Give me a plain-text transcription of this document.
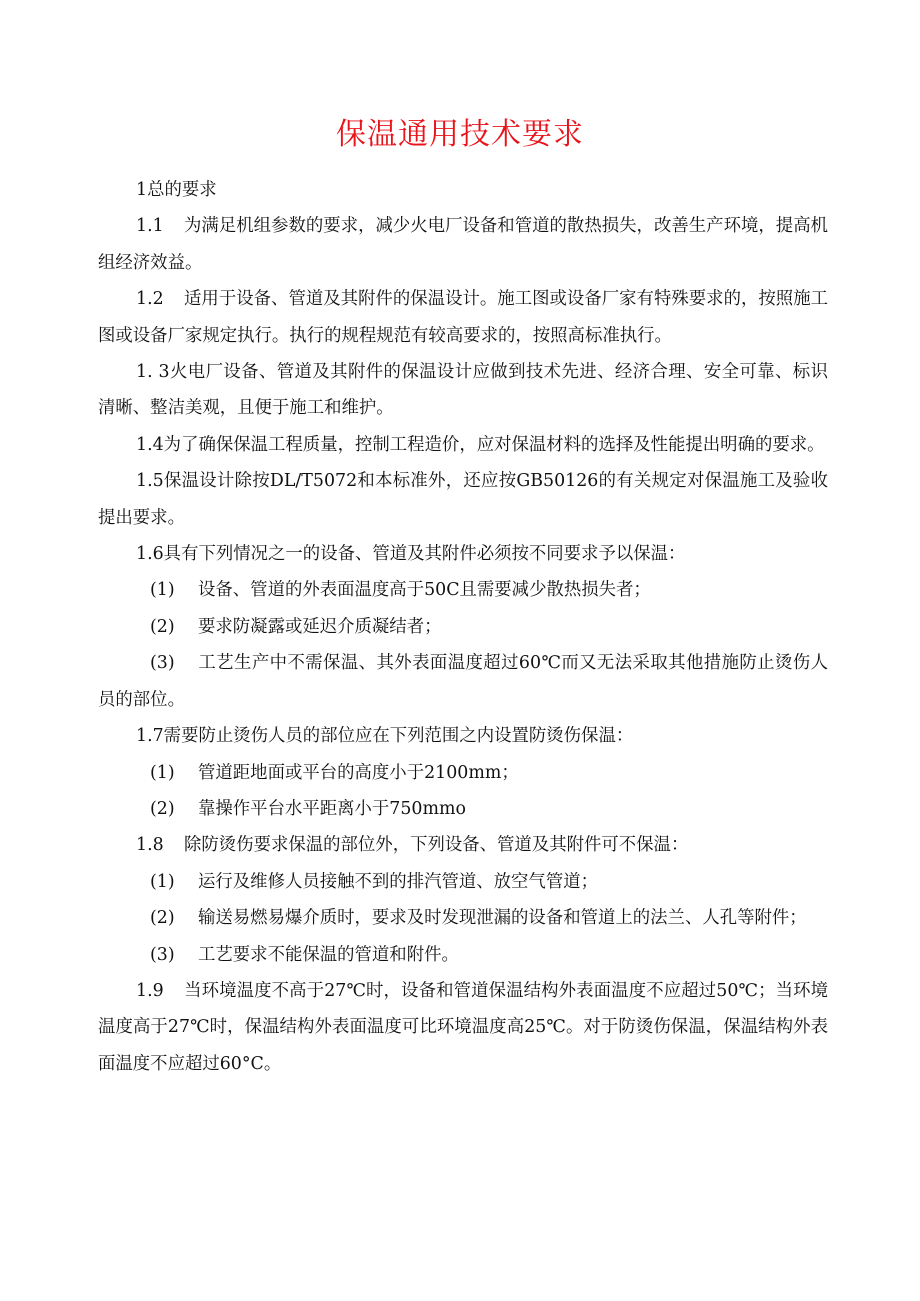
保温通用技术要求

1总的要求

1.1 为满足机组参数的要求，减少火电厂设备和管道的散热损失，改善生产环境，提高机组经济效益。

1.2 适用于设备、管道及其附件的保温设计。施工图或设备厂家有特殊要求的，按照施工图或设备厂家规定执行。执行的规程规范有较高要求的，按照高标准执行。

1. 3火电厂设备、管道及其附件的保温设计应做到技术先进、经济合理、安全可靠、标识清晰、整洁美观，且便于施工和维护。

1.4为了确保保温工程质量，控制工程造价，应对保温材料的选择及性能提出明确的要求。

1.5保温设计除按DL/T5072和本标准外，还应按GB50126的有关规定对保温施工及验收提出要求。

1.6具有下列情况之一的设备、管道及其附件必须按不同要求予以保温：

(1) 设备、管道的外表面温度高于50C且需要减少散热损失者；

(2) 要求防凝露或延迟介质凝结者；

(3) 工艺生产中不需保温、其外表面温度超过60℃而又无法采取其他措施防止烫伤人员的部位。

1.7需要防止烫伤人员的部位应在下列范围之内设置防烫伤保温：

(1) 管道距地面或平台的高度小于2100mm；

(2) 靠操作平台水平距离小于750mmo

1.8 除防烫伤要求保温的部位外，下列设备、管道及其附件可不保温：

(1) 运行及维修人员接触不到的排汽管道、放空气管道；

(2) 输送易燃易爆介质时，要求及时发现泄漏的设备和管道上的法兰、人孔等附件；

(3) 工艺要求不能保温的管道和附件。

1.9 当环境温度不高于27℃时，设备和管道保温结构外表面温度不应超过50℃；当环境温度高于27℃时，保温结构外表面温度可比环境温度高25℃。对于防烫伤保温，保温结构外表面温度不应超过60°C。
